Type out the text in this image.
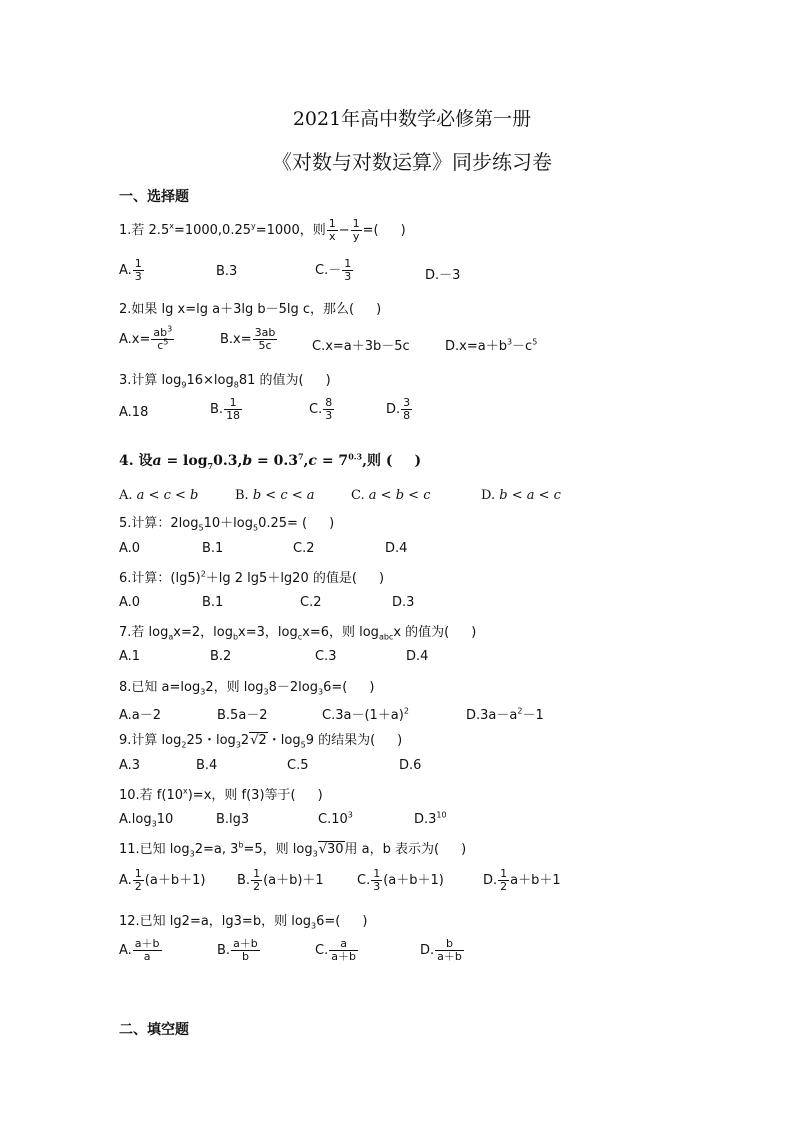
2021年高中数学必修第一册
《对数与对数运算》同步练习卷
一、选择题
1.若 $2.5^x=1000,0.25^y=1000$，则 $\frac{1}{x} - \frac{1}{y}$ =( )
A. $\frac{1}{3}$	B.3	$C.- \frac{1}{3}$	D.－3
2.如果 lg x=lg a＋3lg b－5lg c，那么( )
$A.x= \frac{ab^3}{c^5}$	$B.x= \frac{3ab}{5c}$	C.x=a＋3b－5c	$D.x=a+b^3-c^5$
3.计算 $\log_916\times\log_881$ 的值为( )
A.18	B. $\frac{1}{18}$	C. $\frac{8}{3}$	D. $\frac{3}{8}$
4. 设$a = \log_70.3,b = 0.3^7,c = 7^{0.3}$,则 ( )
A. a < c < b	B. b < c < a	C. a < b < c	D. b < a < c
5.计算：$2\log_510+\log_50.25=$ ( )
A.0	B.1	C.2	D.4
6.计算：$(\lg 5)^2+\lg$ 2 lg5＋lg20 的值是( )
A.0	B.1	C.2	D.3
7.若 $\log_ax=2$，$\log_bx=3$，$\log_cx=6$，则 $\log_{abc}x$ 的值为( )
A.1	B.2	C.3	D.4
8.已知 $a=\log_32$，则 $\log_38-2\log_36=$( )
A.a－2	B.5a－2	$C.3a-(1+a)^2$	$D.3a-a^2-1$
9.计算 $\log_225$・$\log_32√2$・$\log_59$ 的结果为( )
A.3	B.4	C.5	D.6
10.若 $f(10^x)=x$，则 f(3)等于( )
$A.\log_310$	B.lg3	$C.10^3$	$D.3^{10}$
11.已知 $\log_32=a$, $3^b=5$，则 $\log_3√30$用 a，b 表示为( )
A. $\frac{1}{2} (a+b+1)$ B. $\frac{1}{2} (a+b)+1$	C. $\frac{1}{3} (a+b+1)$	D. $\frac{1}{2} a+b+1$
12.已知 lg2=a，lg3=b，则 $\log_36=$( )
A. $\frac{a+b}{a}$	B. $\frac{a+b}{b}$	C. $\frac{a}{a+b}$	D. $\frac{b}{a+b}$
二、填空题
